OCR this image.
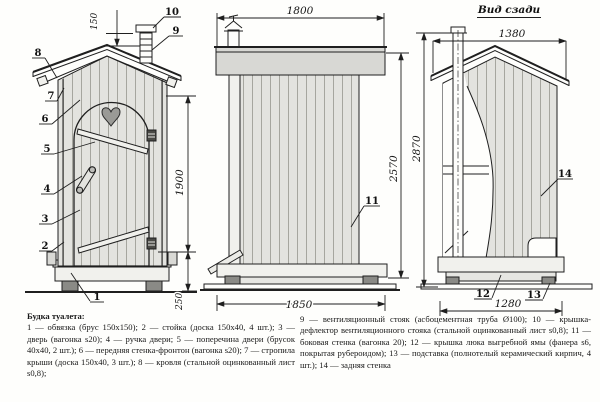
150
1900
250
8
7
6
5
4
3
2
1
10
9
1800
2570
1850
11
Вид сзади
1380
2870
1280
14
12	13
Будка туалета:
1 — обвязка (брус 150х150); 2 — стойка (доска 150х40, 4 шт.); 3 — дверь (вагонка s20); 4 — ручка двери; 5 — поперечина двери (брусок 40х40, 2 шт.); 6 — передняя стенка-фронтон (вагонка s20); 7 — стропила крыши (доска 150х40, 3 шт.); 8 — кровля (стальной оцинкованный лист s0,8);
9 — вентиляционный стояк (асбоцементная труба Ø100); 10 — крышка-дефлектор вентиляционного стояка (стальной оцинкованный лист s0,8); 11 — боковая стенка (вагонка 20); 12 — крышка люка выгребной ямы (фанера s6, покрытая рубероидом); 13 — подставка (полнотелый керамический кирпич, 4 шт.); 14 — задняя стенка
